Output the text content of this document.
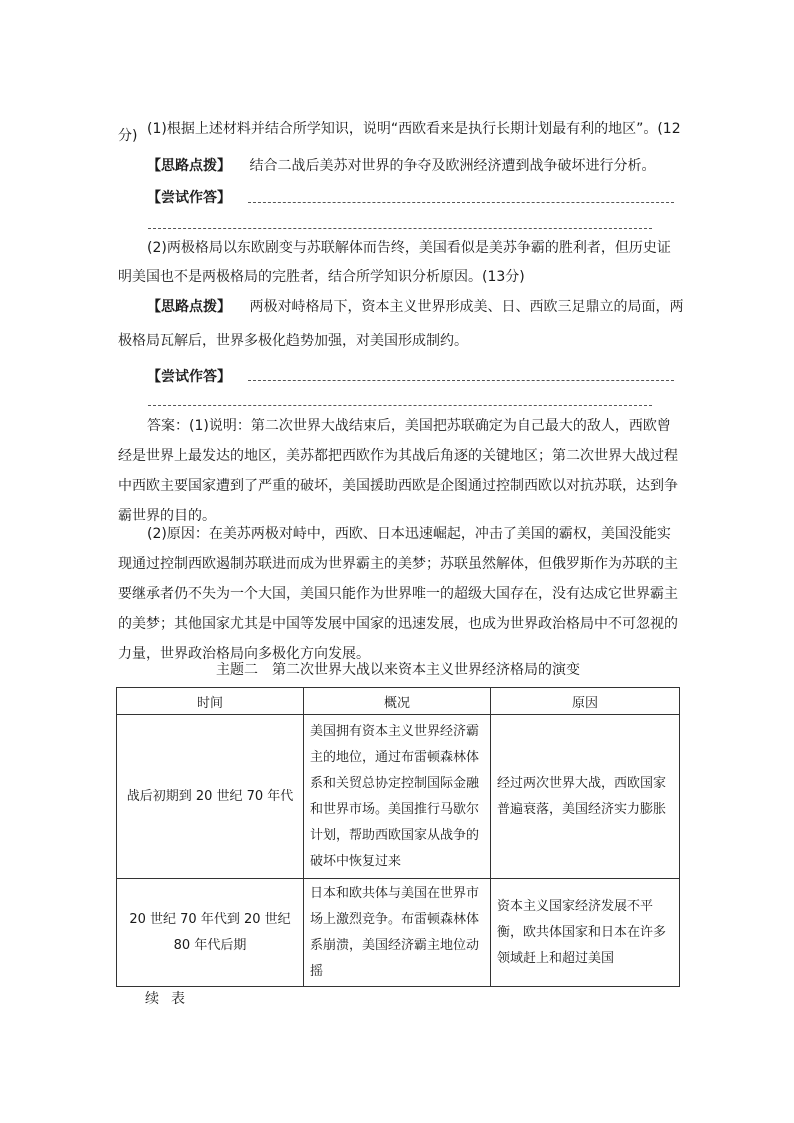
(1)根据上述材料并结合所学知识，说明“西欧看来是执行长期计划最有利的地区”。(12
分)
【思路点拨】 结合二战后美苏对世界的争夺及欧洲经济遭到战争破坏进行分析。
【尝试作答】
(2)两极格局以东欧剧变与苏联解体而告终，美国看似是美苏争霸的胜利者，但历史证
明美国也不是两极格局的完胜者，结合所学知识分析原因。(13分)
【思路点拨】 两极对峙格局下，资本主义世界形成美、日、西欧三足鼎立的局面，两
极格局瓦解后，世界多极化趋势加强，对美国形成制约。
【尝试作答】
答案：(1)说明：第二次世界大战结束后，美国把苏联确定为自己最大的敌人，西欧曾经是世界上最发达的地区，美苏都把西欧作为其战后角逐的关键地区；第二次世界大战过程中西欧主要国家遭到了严重的破坏，美国援助西欧是企图通过控制西欧以对抗苏联，达到争霸世界的目的。
(2)原因：在美苏两极对峙中，西欧、日本迅速崛起，冲击了美国的霸权，美国没能实现通过控制西欧遏制苏联进而成为世界霸主的美梦；苏联虽然解体，但俄罗斯作为苏联的主要继承者仍不失为一个大国，美国只能作为世界唯一的超级大国存在，没有达成它世界霸主的美梦；其他国家尤其是中国等发展中国家的迅速发展，也成为世界政治格局中不可忽视的力量，世界政治格局向多极化方向发展。
主题二　第二次世界大战以来资本主义世界经济格局的演变
时间	概况	原因
战后初期到 20 世纪 70 年代	美国拥有资本主义世界经济霸主的地位，通过布雷顿森林体系和关贸总协定控制国际金融和世界市场。美国推行马歇尔计划，帮助西欧国家从战争的破坏中恢复过来	经过两次世界大战，西欧国家普遍衰落，美国经济实力膨胀
20 世纪 70 年代到 20 世纪 80 年代后期	日本和欧共体与美国在世界市场上激烈竞争。布雷顿森林体系崩溃，美国经济霸主地位动摇	资本主义国家经济发展不平衡，欧共体国家和日本在许多领域赶上和超过美国
续表
